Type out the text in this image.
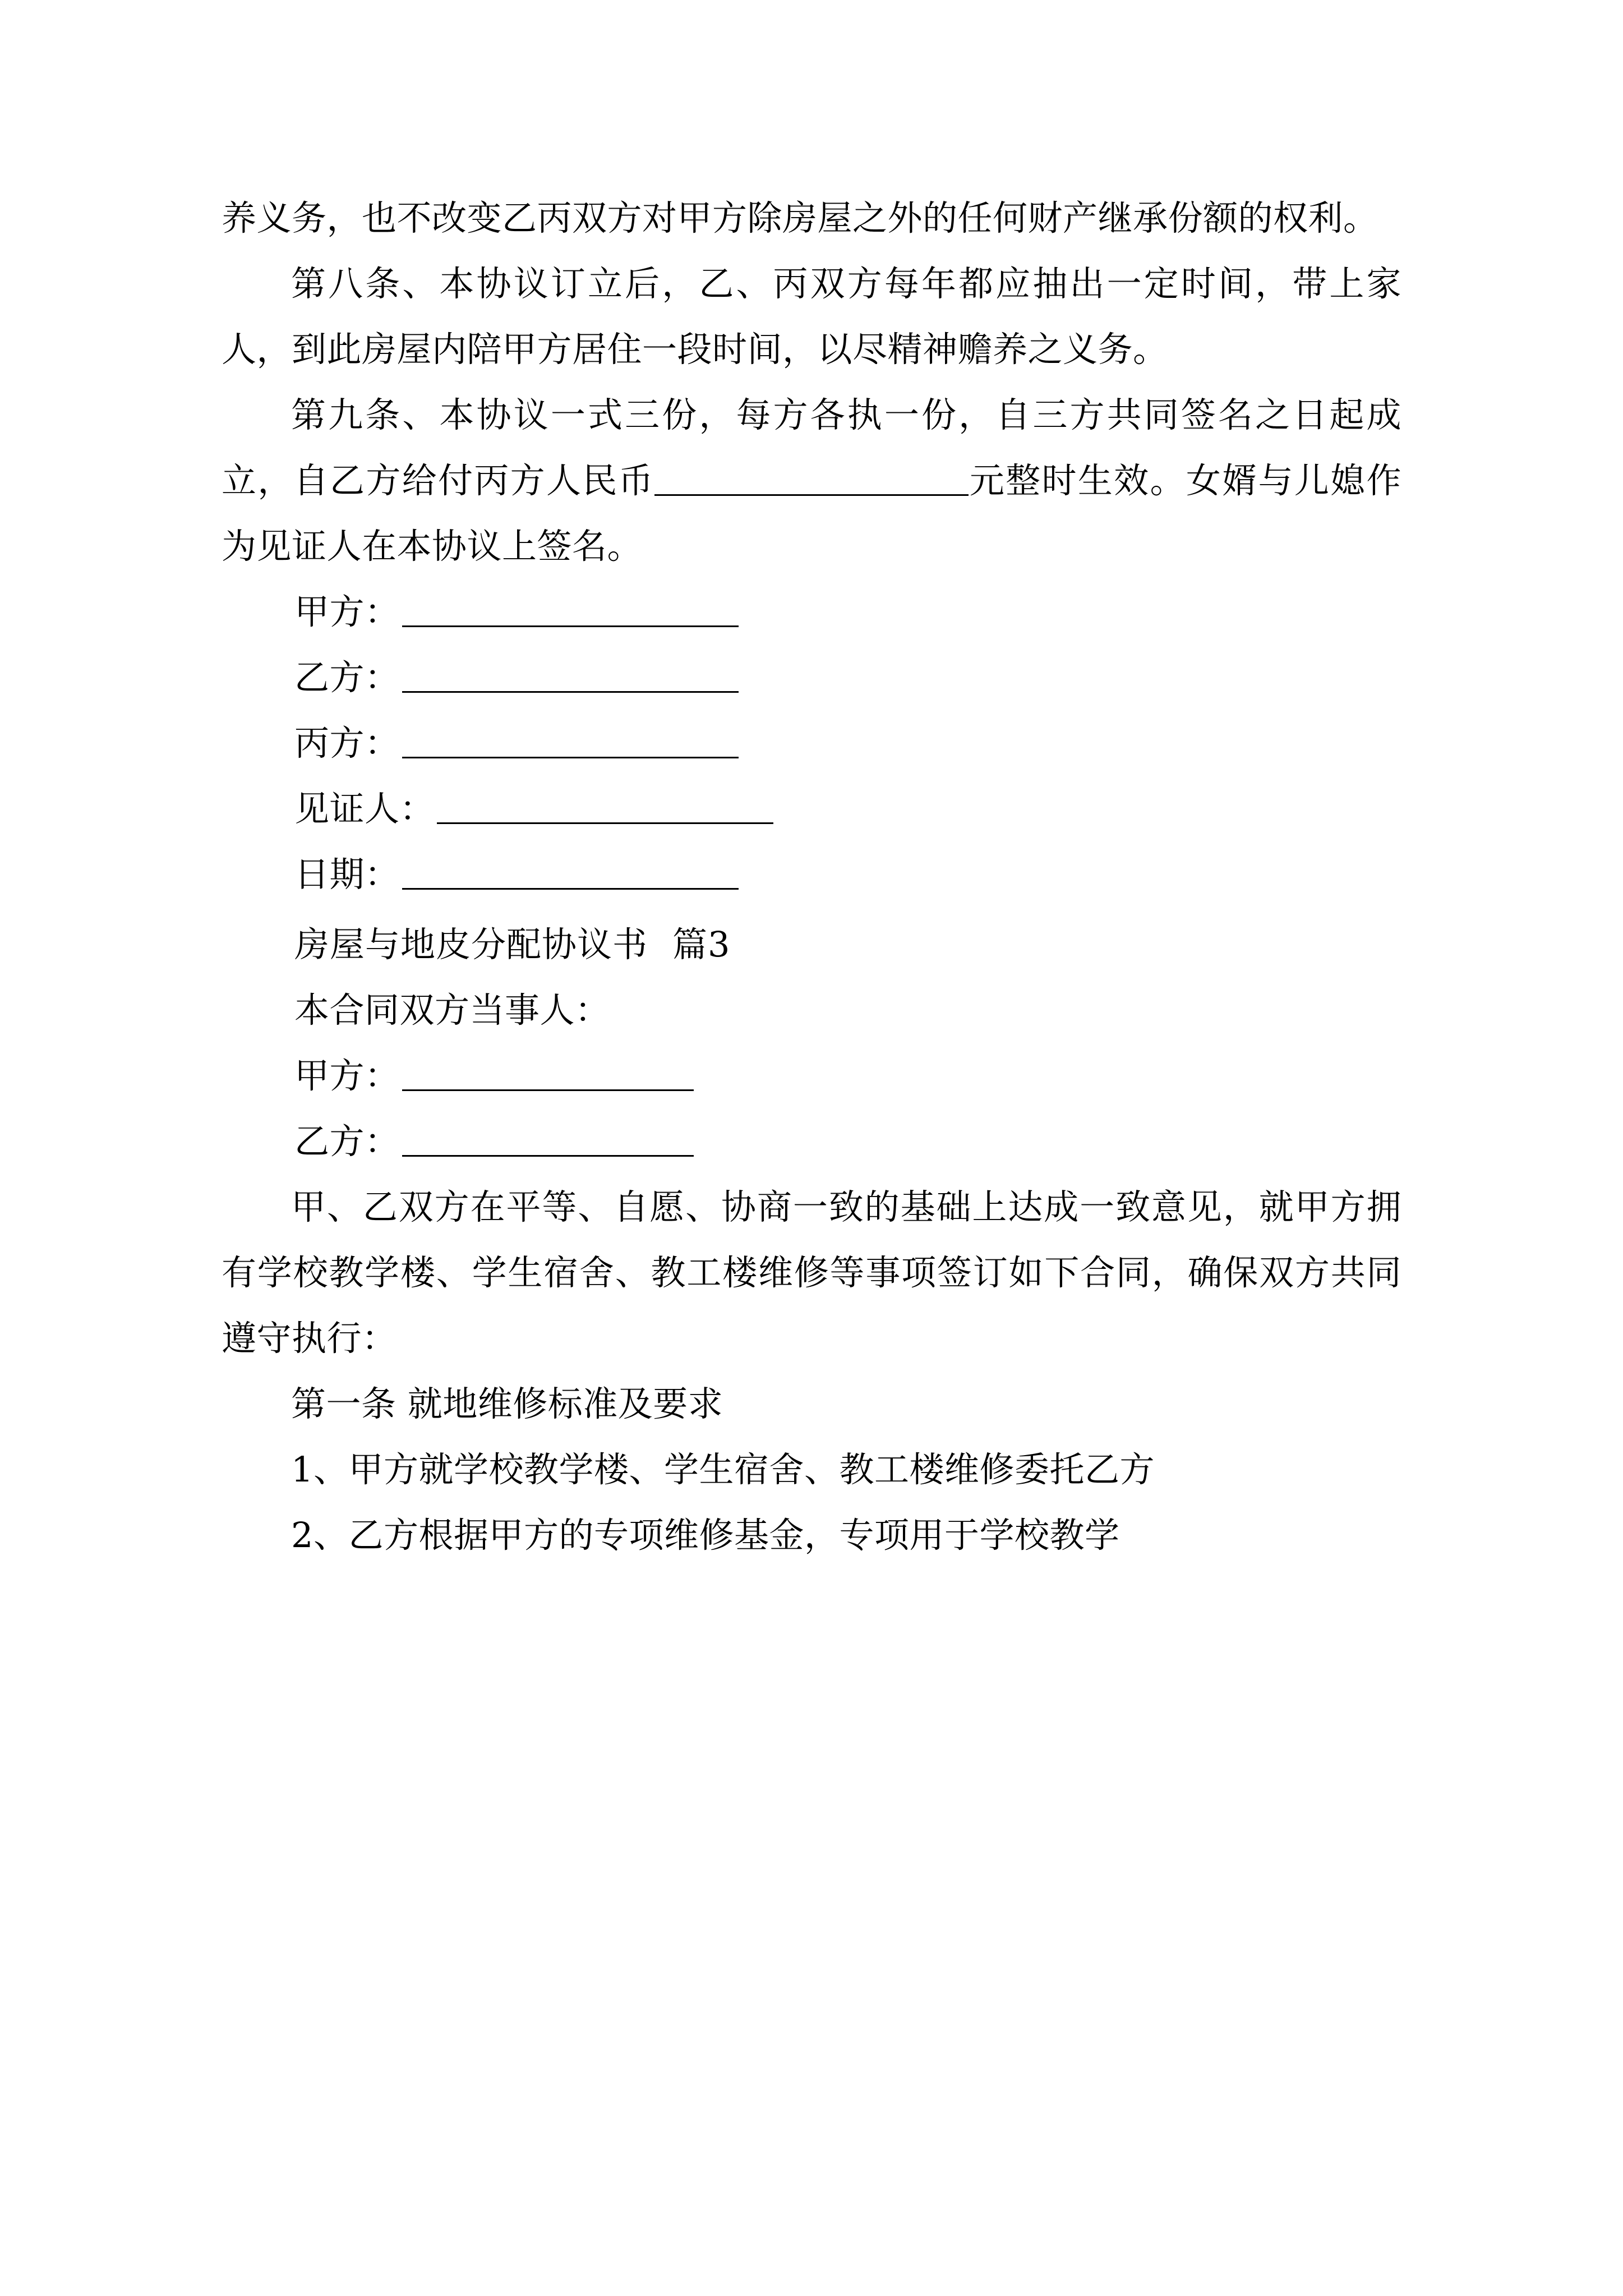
养义务，也不改变乙丙双方对甲方除房屋之外的任何财产继承份额的权利。

第八条、本协议订立后，乙、丙双方每年都应抽出一定时间，带上家人，到此房屋内陪甲方居住一段时间，以尽精神赡养之义务。

第九条、本协议一式三份，每方各执一份，自三方共同签名之日起成立，自乙方给付丙方人民币	元整时生效。女婿与儿媳作为见证人在本协议上签名。

甲方：

乙方：

丙方：

见证人：

日期：

房屋与地皮分配协议书 篇3

本合同双方当事人：

甲方：

乙方：

甲、乙双方在平等、自愿、协商一致的基础上达成一致意见，就甲方拥有学校教学楼、学生宿舍、教工楼维修等事项签订如下合同，确保双方共同遵守执行：

第一条 就地维修标准及要求

1、甲方就学校教学楼、学生宿舍、教工楼维修委托乙方

2、乙方根据甲方的专项维修基金，专项用于学校教学
